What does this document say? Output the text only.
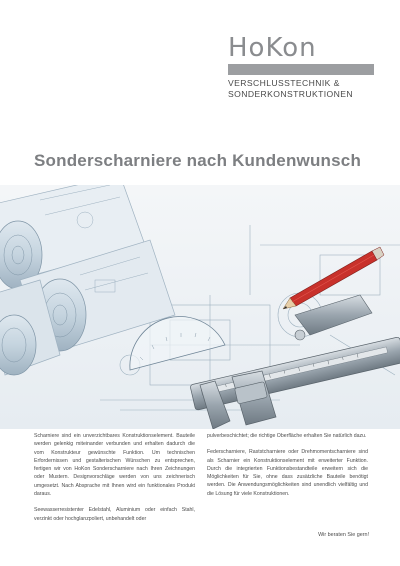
HoKon
VERSCHLUSSTECHNIK &
SONDERKONSTRUKTIONEN
Sonderscharniere nach Kundenwunsch

Scharniere sind ein unverzichtbares Konstruktionselement. Bauteile werden gelenkig miteinander verbunden und erhalten dadurch die vom Konstrukteur gewünschte Funktion. Um technischen Erfordernissen und gestalterischen Wünschen zu entsprechen, fertigen wir von HoKon Sonderscharniere nach Ihren Zeichnungen oder Mustern. Designvorschläge werden von uns zeichnerisch umgesetzt. Nach Absprache mit Ihnen wird ein funktionales Produkt daraus.

Seewasserresistenter Edelstahl, Aluminium oder einfach Stahl, verzinkt oder hochglanzpoliert, unbehandelt oder

pulverbeschichtet; die richtige Oberfläche erhalten Sie natürlich dazu.

Federscharniere, Raststcharniere oder Drehmomentscharniere sind als Scharnier ein Konstruktionselement mit erweiterter Funktion. Durch die integrierten Funktionsbestandteile erweitern sich die Möglichkeiten für Sie, ohne dass zusätzliche Bauteile benötigt werden. Die Anwendungsmöglichkeiten sind unendlich vielfältig und die Lösung für viele Konstruktionen.

Wir beraten Sie gern!
